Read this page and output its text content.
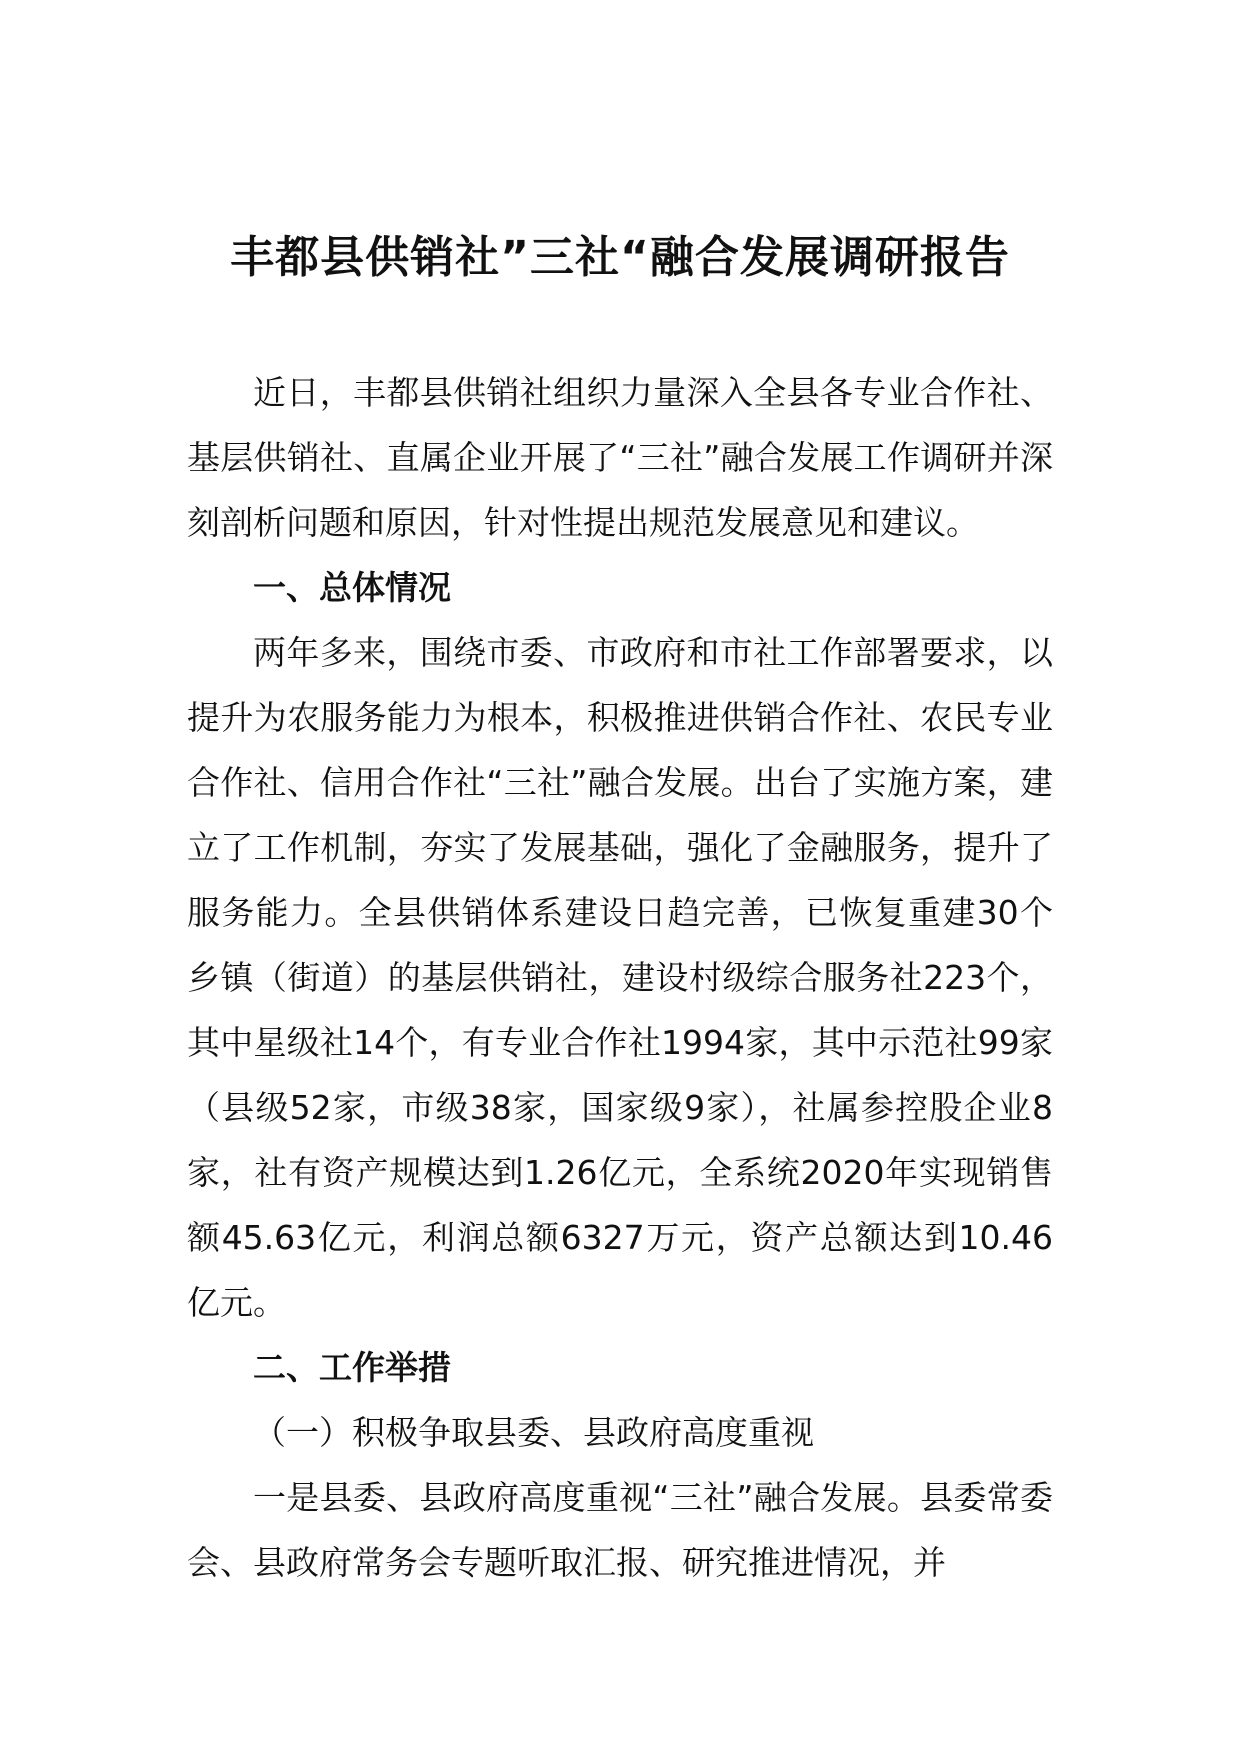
丰都县供销社”三社“融合发展调研报告

近日，丰都县供销社组织力量深入全县各专业合作社、基层供销社、直属企业开展了“三社”融合发展工作调研并深刻剖析问题和原因，针对性提出规范发展意见和建议。

一、总体情况

两年多来，围绕市委、市政府和市社工作部署要求，以提升为农服务能力为根本，积极推进供销合作社、农民专业合作社、信用合作社“三社”融合发展。出台了实施方案，建立了工作机制，夯实了发展基础，强化了金融服务，提升了服务能力。全县供销体系建设日趋完善，已恢复重建30个乡镇（街道）的基层供销社，建设村级综合服务社223个，其中星级社14个，有专业合作社1994家，其中示范社99家（县级52家，市级38家，国家级9家），社属参控股企业8家，社有资产规模达到1.26亿元，全系统2020年实现销售额45.63亿元，利润总额6327万元，资产总额达到10.46亿元。

二、工作举措

（一）积极争取县委、县政府高度重视

一是县委、县政府高度重视“三社”融合发展。县委常委会、县政府常务会专题听取汇报、研究推进情况，并
